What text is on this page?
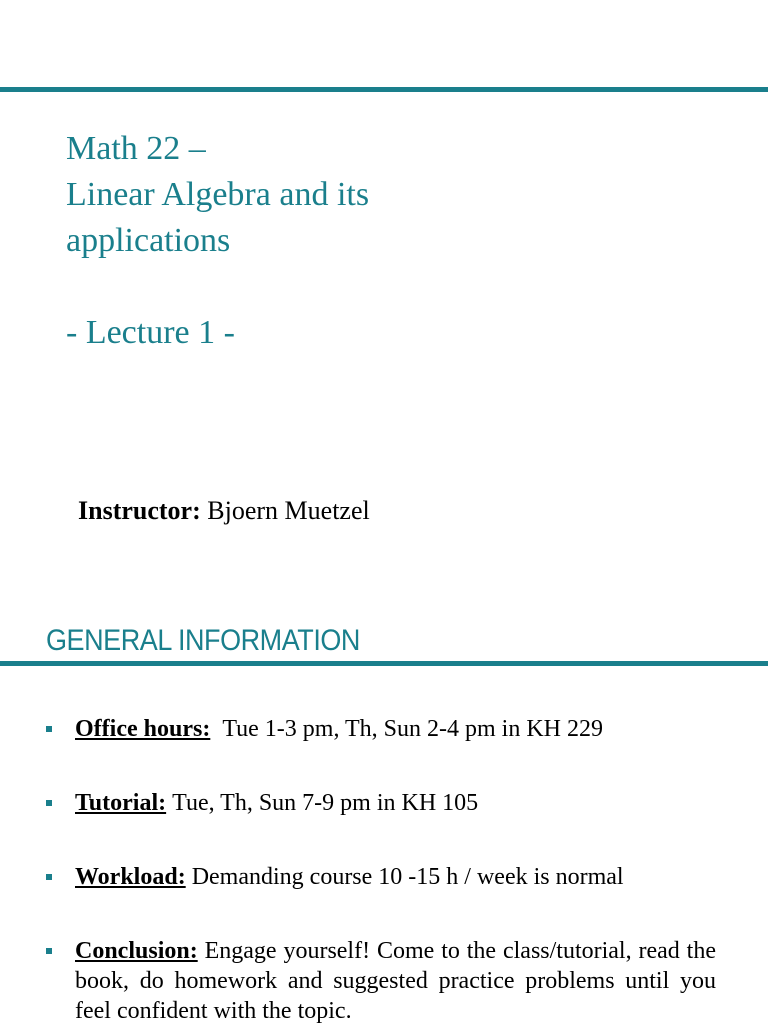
Math 22 –
Linear Algebra and its
applications
- Lecture 1 -
Instructor: Bjoern Muetzel
GENERAL INFORMATION
Office hours: Tue 1-3 pm, Th, Sun 2-4 pm in KH 229
Tutorial: Tue, Th, Sun 7-9 pm in KH 105
Workload: Demanding course 10 -15 h / week is normal
Conclusion: Engage yourself! Come to the class/tutorial, read the book, do homework and suggested practice problems until you feel confident with the topic.
